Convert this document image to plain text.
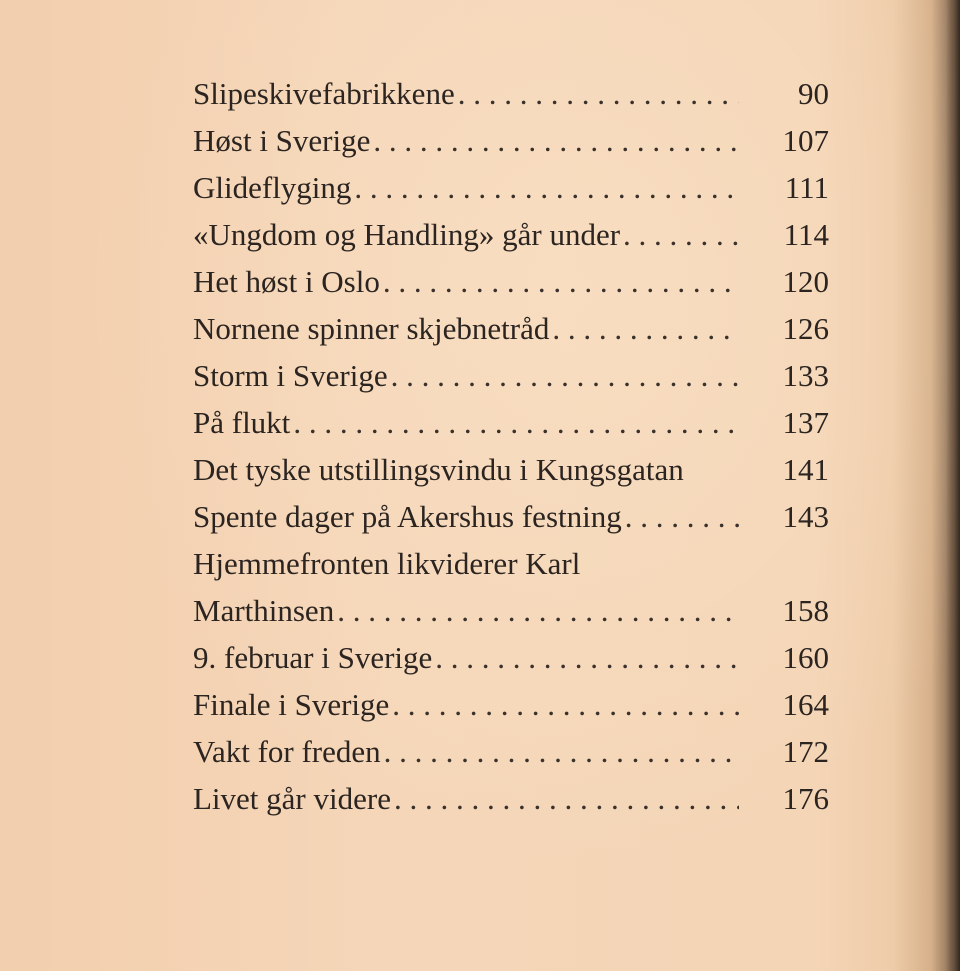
Slipeskivefabrikkene . . .	90
Høst i Sverige . . .	107
Glideflyging . . .	111
«Ungdom og Handling» går under . . .	114
Het høst i Oslo . . .	120
Nornene spinner skjebnetråd . . .	126
Storm i Sverige . . .	133
På flukt . . .	137
Det tyske utstillingsvindu i Kungsgatan	141
Spente dager på Akershus festning . . .	143
Hjemmefronten likviderer Karl
Marthinsen . . .	158
9. februar i Sverige . . .	160
Finale i Sverige . . .	164
Vakt for freden . . .	172
Livet går videre . . .	176
